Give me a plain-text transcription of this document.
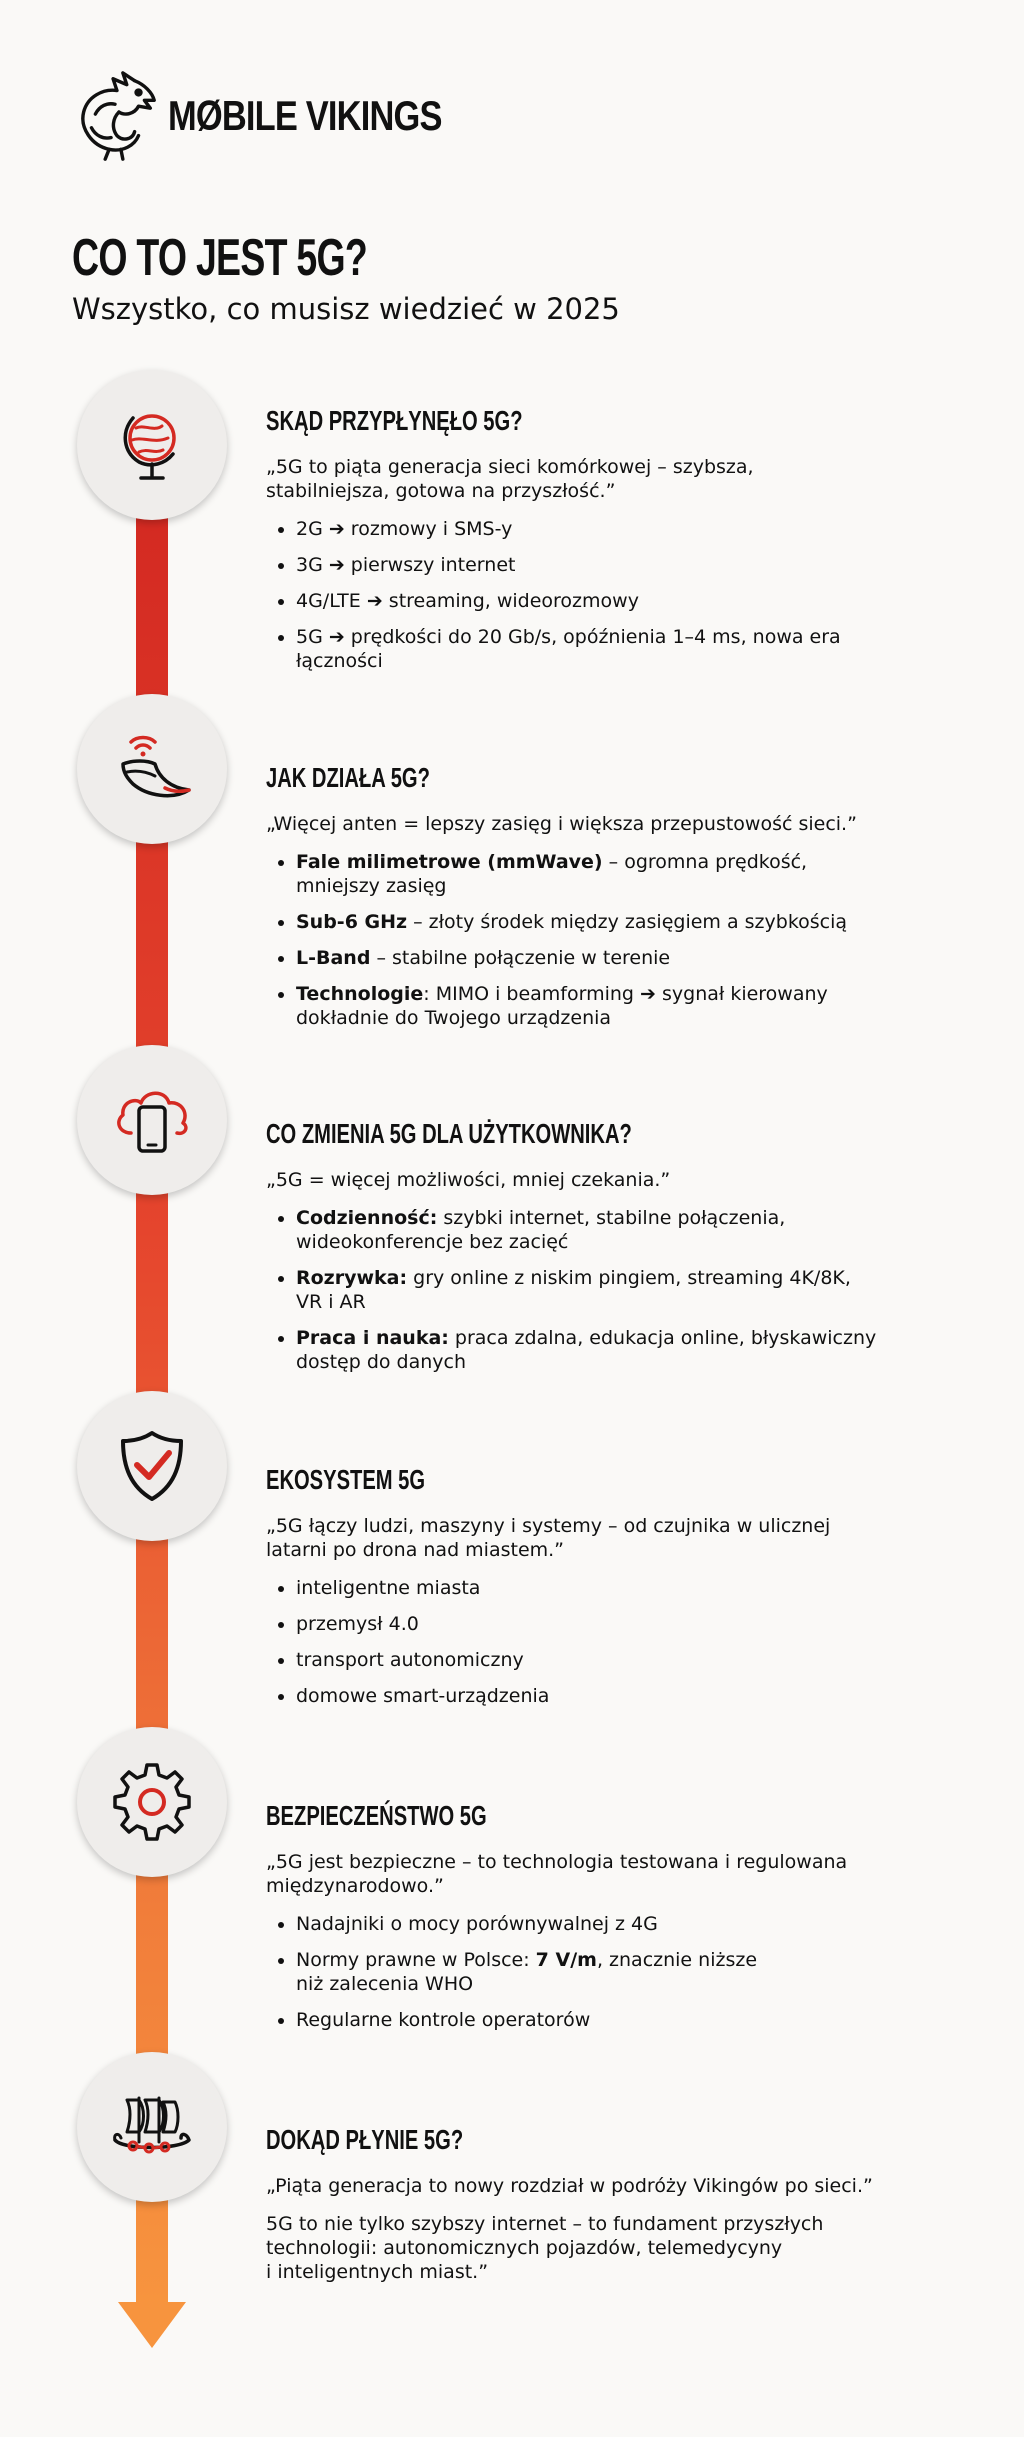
MØBILE VIKINGS
CO TO JEST 5G?
Wszystko, co musisz wiedzieć w 2025
SKĄD PRZYPŁYNĘŁO 5G?
„5G to piąta generacja sieci komórkowej – szybsza,
stabilniejsza, gotowa na przyszłość.”
• 2G ➔ rozmowy i SMS-y
• 3G ➔ pierwszy internet
• 4G/LTE ➔ streaming, wideorozmowy
• 5G ➔ prędkości do 20 Gb/s, opóźnienia 1–4 ms, nowa era
łączności
JAK DZIAŁA 5G?
„Więcej anten = lepszy zasięg i większa przepustowość sieci.”
• Fale milimetrowe (mmWave) – ogromna prędkość,
mniejszy zasięg
• Sub-6 GHz – złoty środek między zasięgiem a szybkością
• L-Band – stabilne połączenie w terenie
• Technologie: MIMO i beamforming ➔ sygnał kierowany
dokładnie do Twojego urządzenia
CO ZMIENIA 5G DLA UŻYTKOWNIKA?
„5G = więcej możliwości, mniej czekania.”
• Codzienność: szybki internet, stabilne połączenia,
wideokonferencje bez zacięć
• Rozrywka: gry online z niskim pingiem, streaming 4K/8K,
VR i AR
• Praca i nauka: praca zdalna, edukacja online, błyskawiczny
dostęp do danych
EKOSYSTEM 5G
„5G łączy ludzi, maszyny i systemy – od czujnika w ulicznej
latarni po drona nad miastem.”
• inteligentne miasta
• przemysł 4.0
• transport autonomiczny
• domowe smart-urządzenia
BEZPIECZEŃSTWO 5G
„5G jest bezpieczne – to technologia testowana i regulowana
międzynarodowo.”
• Nadajniki o mocy porównywalnej z 4G
• Normy prawne w Polsce: 7 V/m, znacznie niższe
niż zalecenia WHO
• Regularne kontrole operatorów
DOKĄD PŁYNIE 5G?
„Piąta generacja to nowy rozdział w podróży Vikingów po sieci.”
5G to nie tylko szybszy internet – to fundament przyszłych
technologii: autonomicznych pojazdów, telemedycyny
i inteligentnych miast.”
